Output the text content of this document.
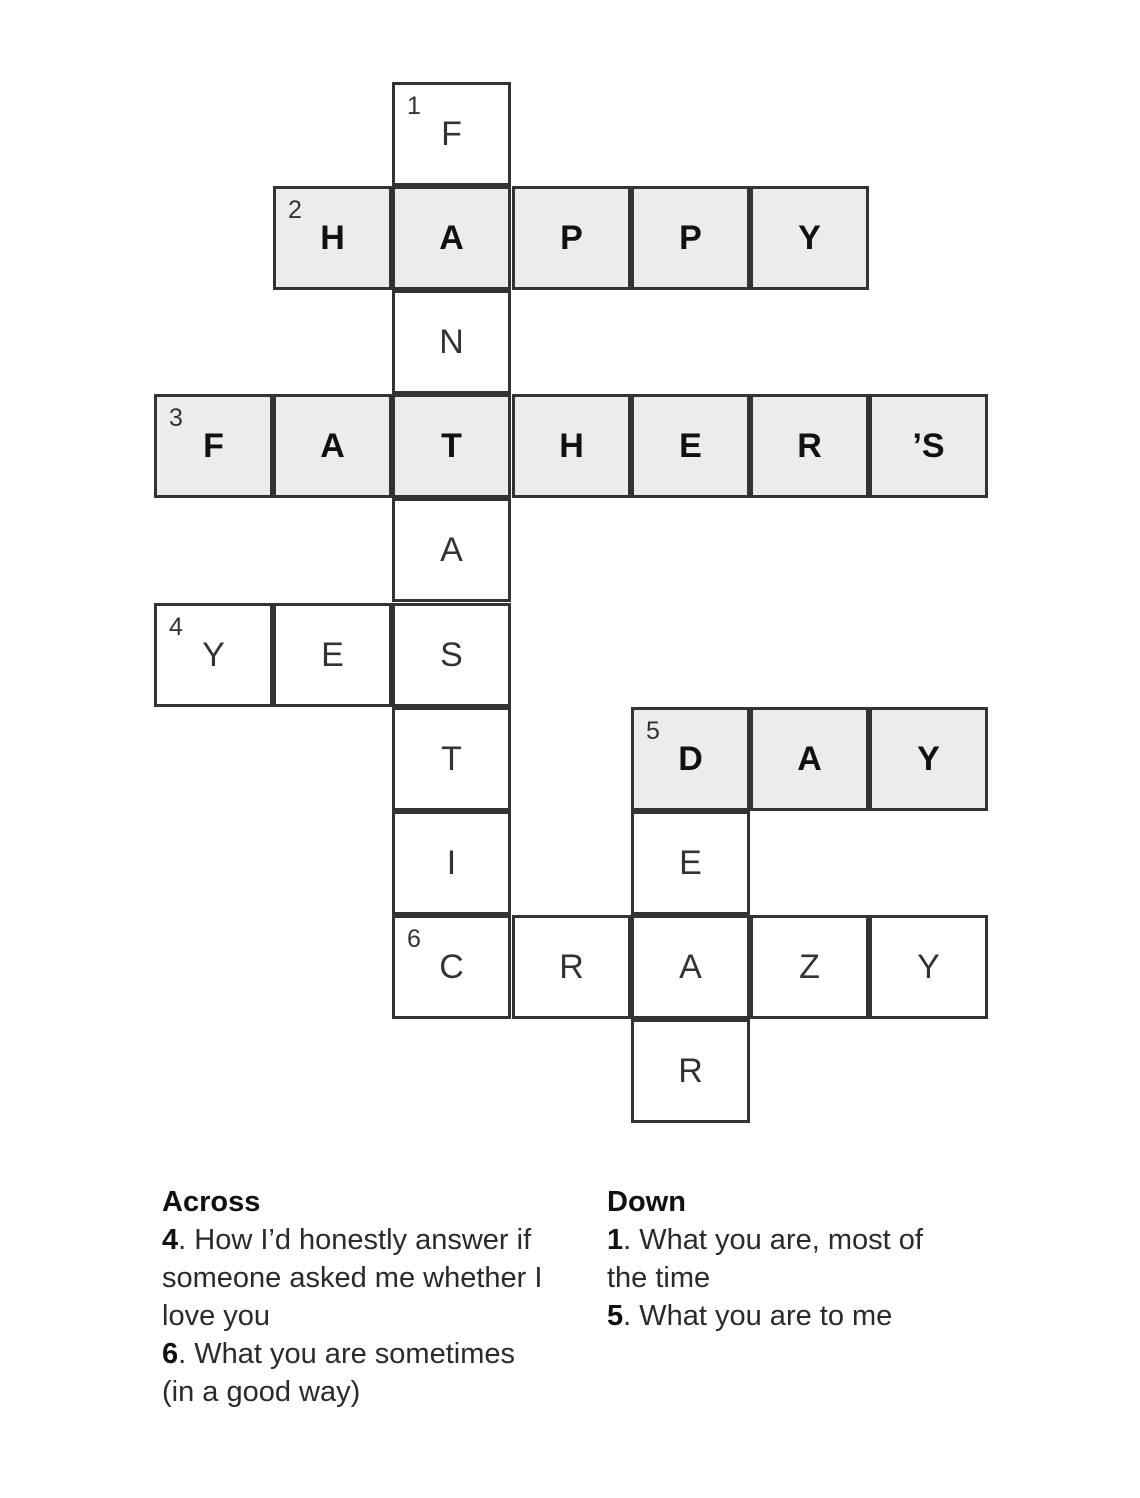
1
F
2
H	A	P	P	Y
N
3
F	A	T	H	E	R	’S
A
4
Y	E	S
T
5
D	A	Y
I	E
6
C	R	A	Z	Y
R
Across

4. How I’d honestly answer if someone asked me whether I love you

6. What you are sometimes (in a good way)

Down

1. What you are, most of the time

5. What you are to me
